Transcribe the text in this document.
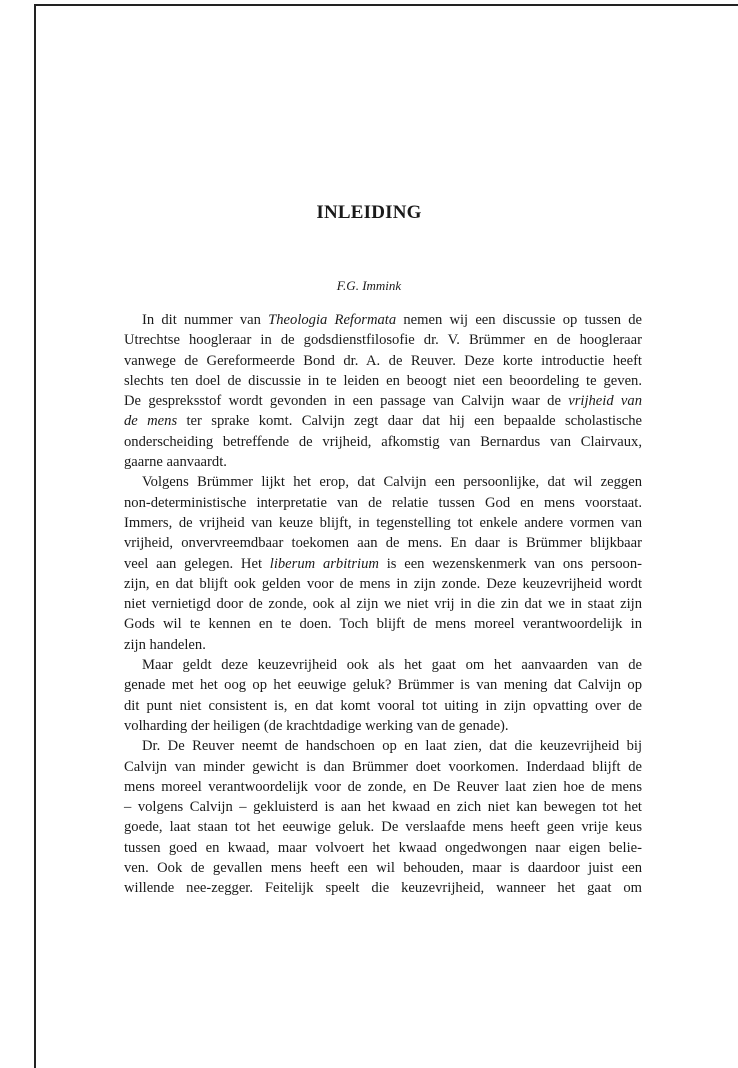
INLEIDING
F.G. Immink
In dit nummer van Theologia Reformata nemen wij een discussie op tussen de
Utrechtse hoogleraar in de godsdienstfilosofie dr. V. Brümmer en de hoogleraar
vanwege de Gereformeerde Bond dr. A. de Reuver. Deze korte introductie heeft
slechts ten doel de discussie in te leiden en beoogt niet een beoordeling te geven.
De gespreksstof wordt gevonden in een passage van Calvijn waar de vrijheid van
de mens ter sprake komt. Calvijn zegt daar dat hij een bepaalde scholastische
onderscheiding betreffende de vrijheid, afkomstig van Bernardus van Clairvaux,
gaarne aanvaardt.
Volgens Brümmer lijkt het erop, dat Calvijn een persoonlijke, dat wil zeggen
non-deterministische interpretatie van de relatie tussen God en mens voorstaat.
Immers, de vrijheid van keuze blijft, in tegenstelling tot enkele andere vormen van
vrijheid, onvervreemdbaar toekomen aan de mens. En daar is Brümmer blijkbaar
veel aan gelegen. Het liberum arbitrium is een wezenskenmerk van ons persoon-
zijn, en dat blijft ook gelden voor de mens in zijn zonde. Deze keuzevrijheid wordt
niet vernietigd door de zonde, ook al zijn we niet vrij in die zin dat we in staat zijn
Gods wil te kennen en te doen. Toch blijft de mens moreel verantwoordelijk in
zijn handelen.
Maar geldt deze keuzevrijheid ook als het gaat om het aanvaarden van de
genade met het oog op het eeuwige geluk? Brümmer is van mening dat Calvijn op
dit punt niet consistent is, en dat komt vooral tot uiting in zijn opvatting over de
volharding der heiligen (de krachtdadige werking van de genade).
Dr. De Reuver neemt de handschoen op en laat zien, dat die keuzevrijheid bij
Calvijn van minder gewicht is dan Brümmer doet voorkomen. Inderdaad blijft de
mens moreel verantwoordelijk voor de zonde, en De Reuver laat zien hoe de mens
– volgens Calvijn – gekluisterd is aan het kwaad en zich niet kan bewegen tot het
goede, laat staan tot het eeuwige geluk. De verslaafde mens heeft geen vrije keus
tussen goed en kwaad, maar volvoert het kwaad ongedwongen naar eigen belie-
ven. Ook de gevallen mens heeft een wil behouden, maar is daardoor juist een
willende nee-zegger. Feitelijk speelt die keuzevrijheid, wanneer het gaat om
